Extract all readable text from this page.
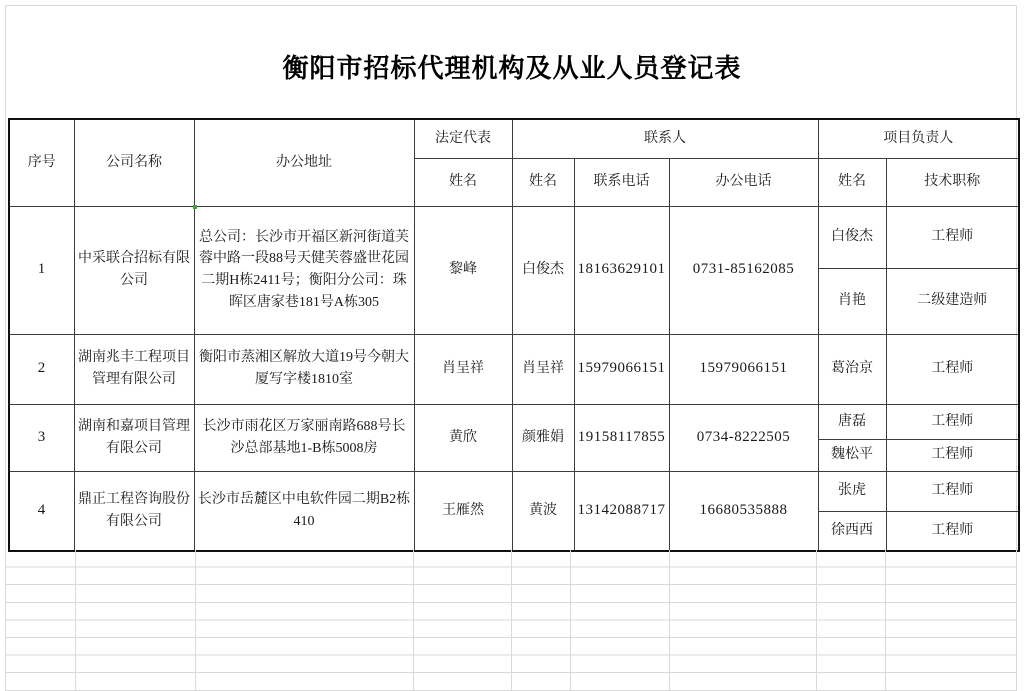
衡阳市招标代理机构及从业人员登记表
序号	公司名称	办公地址	法定代表	联系人			项目负责人	
			姓名	姓名	联系电话	办公电话	姓名	技术职称
1	中采联合招标有限公司	总公司：长沙市开福区新河街道芙蓉中路一段88号天健芙蓉盛世花园二期H栋2411号；衡阳分公司：珠晖区唐家巷181号A栋305	黎峰	白俊杰	18163629101	0731-85162085	白俊杰	工程师
							肖艳	二级建造师
2	湖南兆丰工程项目管理有限公司	衡阳市蒸湘区解放大道19号今朝大厦写字楼1810室	肖呈祥	肖呈祥	15979066151	15979066151	葛治京	工程师
3	湖南和嘉项目管理有限公司	长沙市雨花区万家丽南路688号长沙总部基地1-B栋5008房	黄欣	颜雅娟	19158117855	0734-8222505	唐磊	工程师
							魏松平	工程师
4	鼎正工程咨询股份有限公司	长沙市岳麓区中电软件园二期B2栋410	王雁然	黄波	13142088717	16680535888	张虎	工程师
							徐西西	工程师
